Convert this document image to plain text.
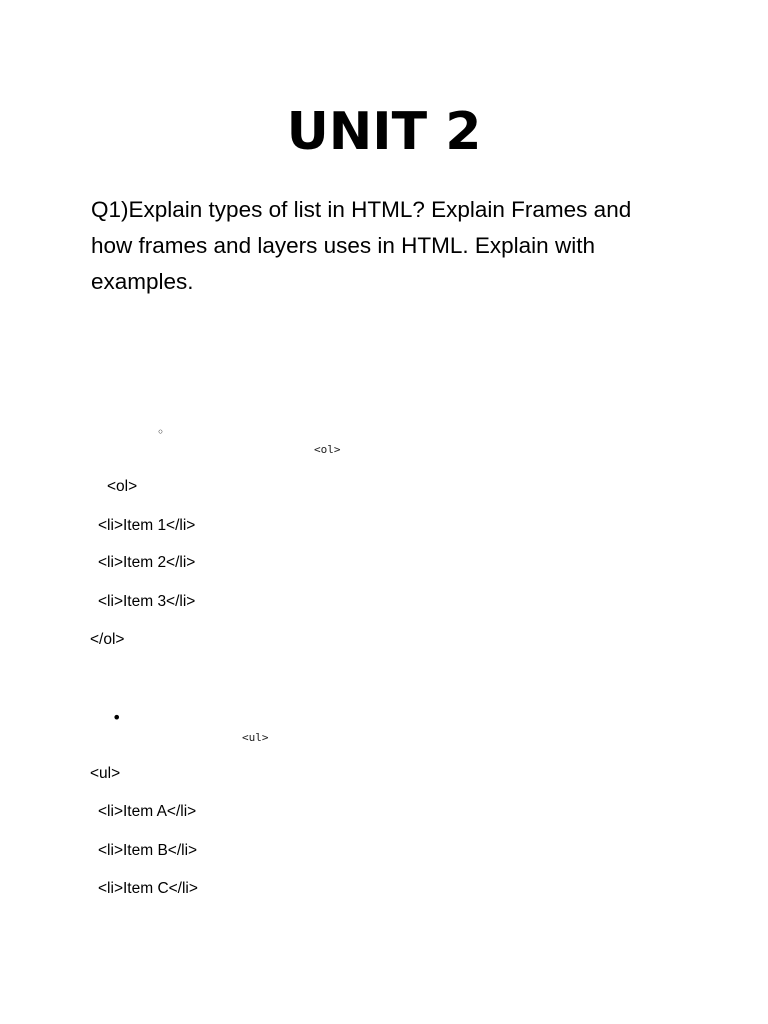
UNIT 2
Q1)Explain types of list in HTML? Explain Frames and how frames and layers uses in HTML. Explain with examples.
◦
<ol>
<ol>
<li>Item 1</li>
<li>Item 2</li>
<li>Item 3</li>
</ol>
•
<ul>
<ul>
<li>Item A</li>
<li>Item B</li>
<li>Item C</li>
